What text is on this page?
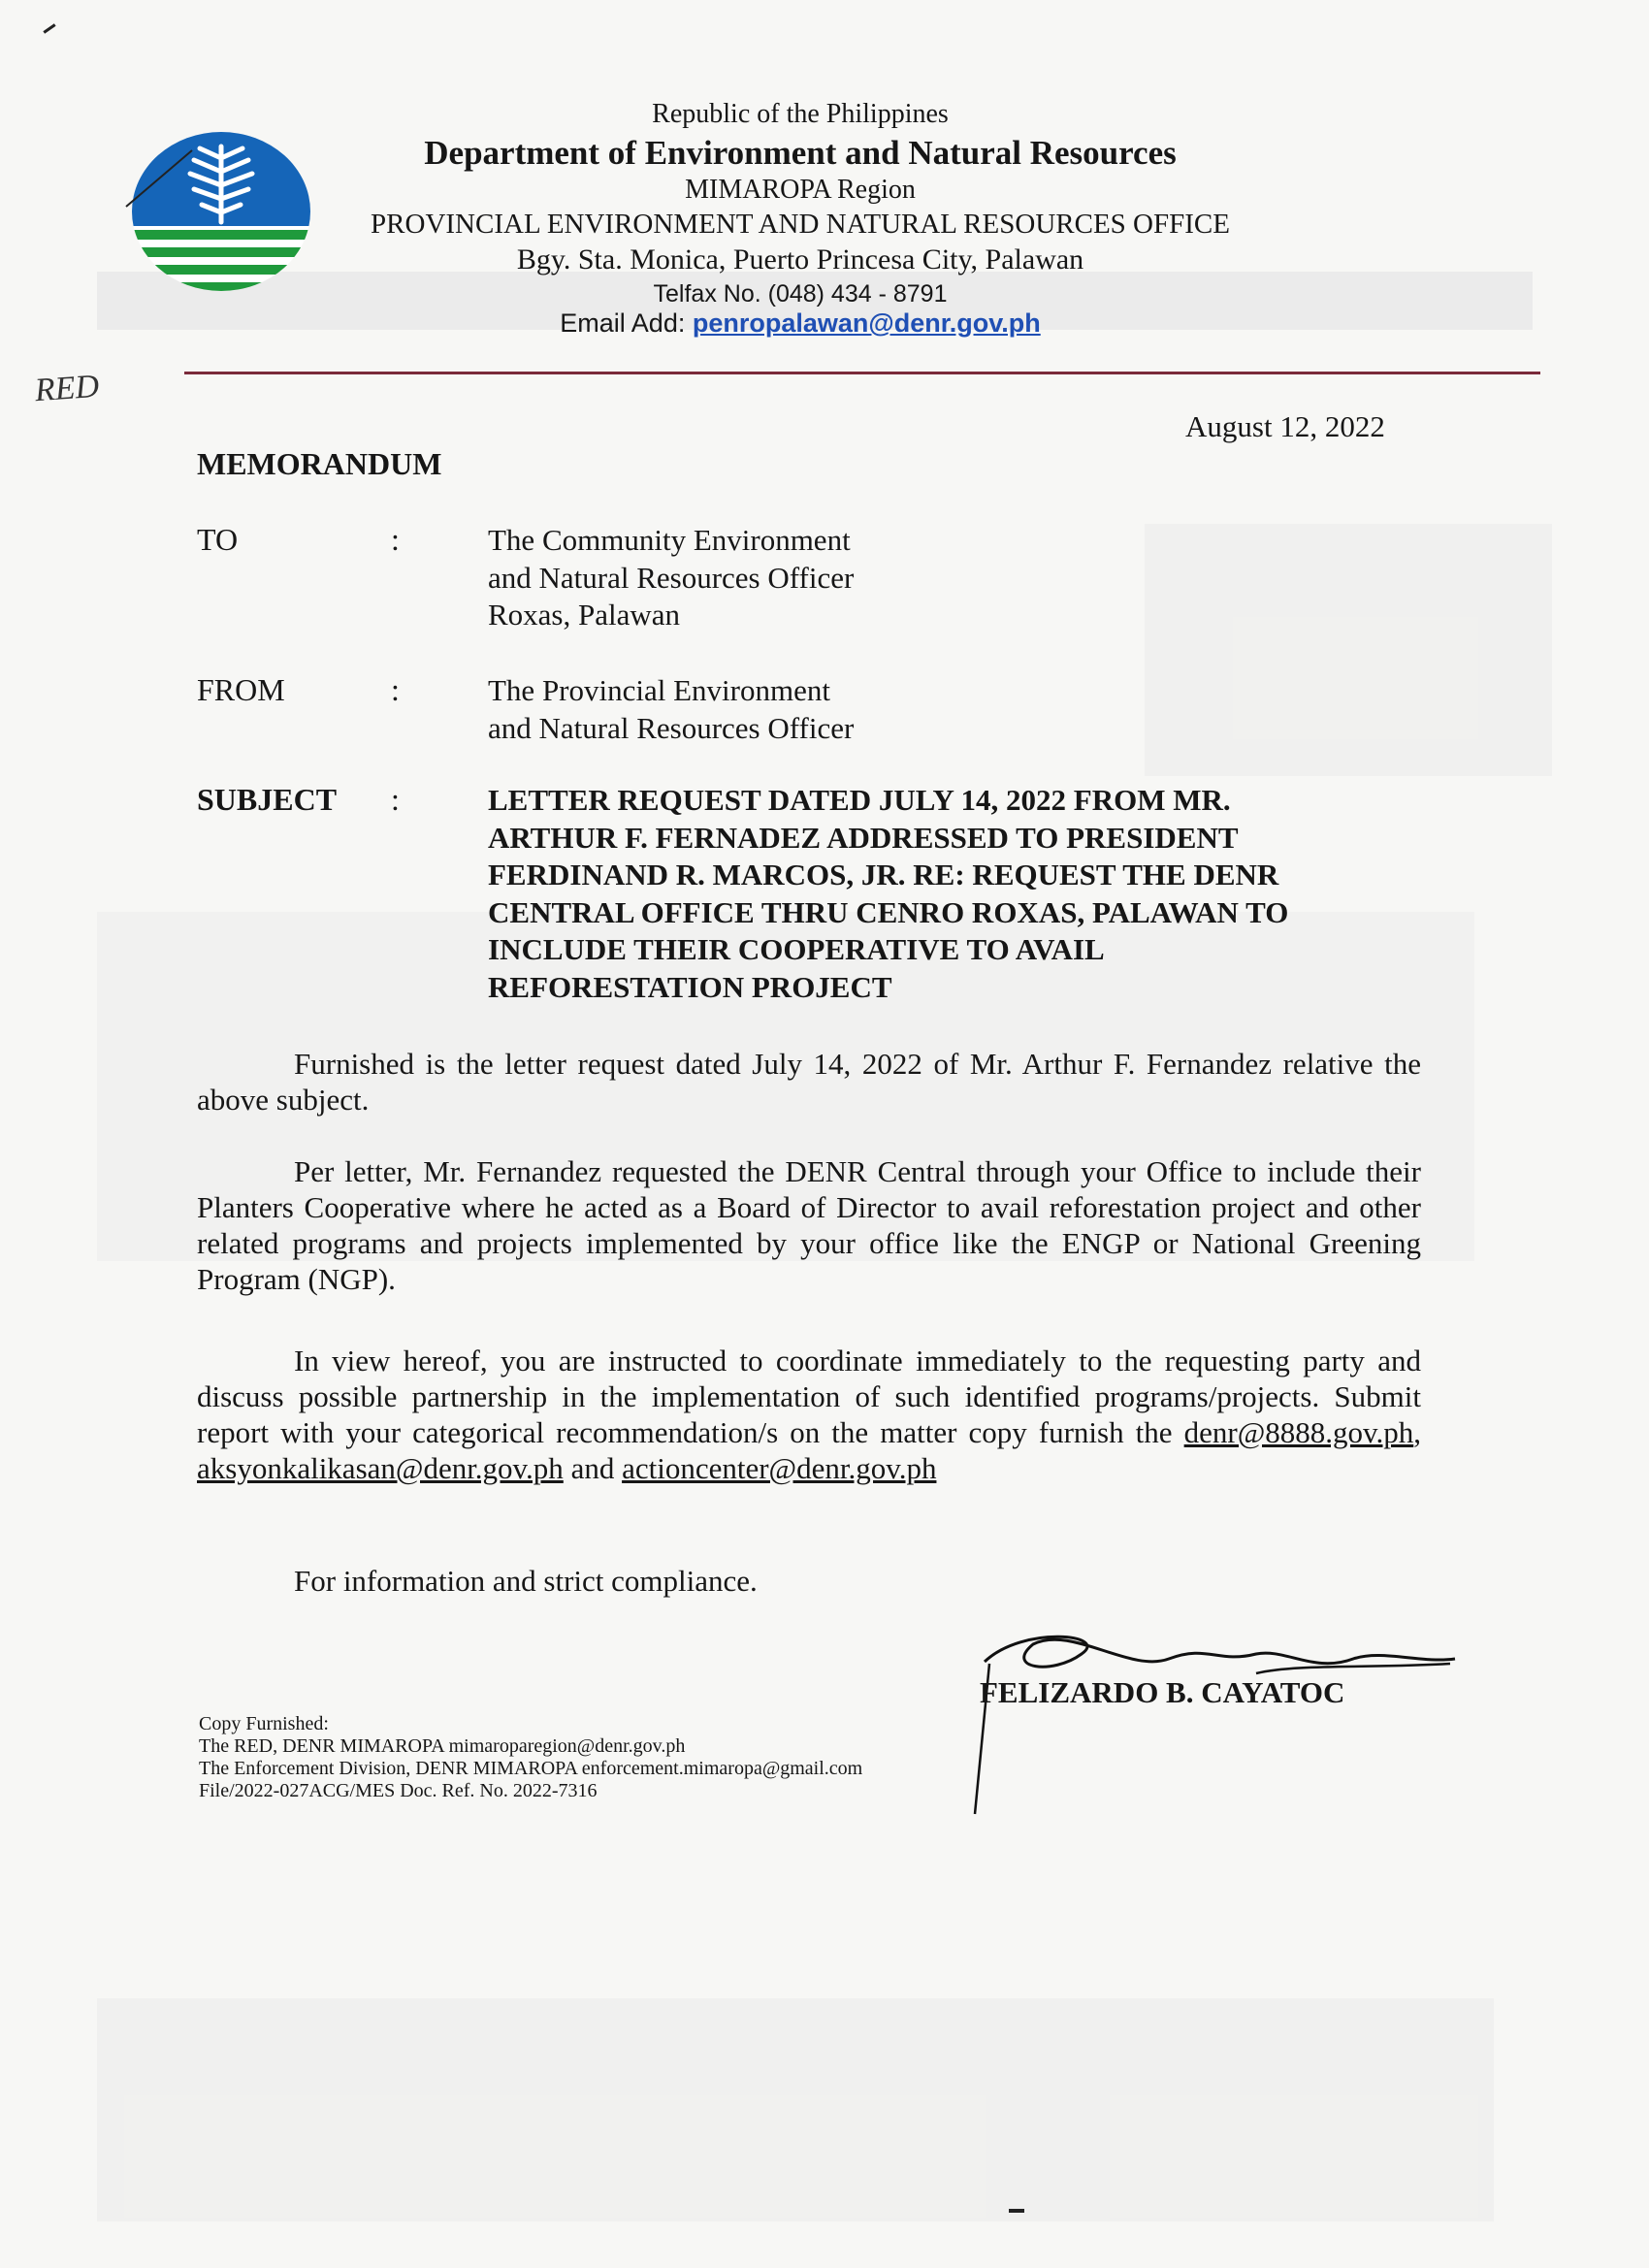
Republic of the Philippines
Department of Environment and Natural Resources
MIMAROPA Region
PROVINCIAL ENVIRONMENT AND NATURAL RESOURCES OFFICE
Bgy. Sta. Monica, Puerto Princesa City, Palawan
Telfax No. (048) 434 - 8791
Email Add: penropalawan@denr.gov.ph
RED
August 12, 2022
MEMORANDUM
TO	:	The Community Environment
and Natural Resources Officer
Roxas, Palawan
FROM	:	The Provincial Environment
and Natural Resources Officer
SUBJECT :	LETTER REQUEST DATED JULY 14, 2022 FROM MR.
ARTHUR F. FERNADEZ ADDRESSED TO PRESIDENT
FERDINAND R. MARCOS, JR. RE: REQUEST THE DENR
CENTRAL OFFICE THRU CENRO ROXAS, PALAWAN TO
INCLUDE THEIR COOPERATIVE TO AVAIL
REFORESTATION PROJECT
Furnished is the letter request dated July 14, 2022 of Mr. Arthur F. Fernandez relative the above subject.
Per letter, Mr. Fernandez requested the DENR Central through your Office to include their Planters Cooperative where he acted as a Board of Director to avail reforestation project and other related programs and projects implemented by your office like the ENGP or National Greening Program (NGP).
In view hereof, you are instructed to coordinate immediately to the requesting party and discuss possible partnership in the implementation of such identified programs/projects. Submit report with your categorical recommendation/s on the matter copy furnish the denr@8888.gov.ph, aksyonkalikasan@denr.gov.ph and actioncenter@denr.gov.ph
For information and strict compliance.
FELIZARDO B. CAYATOC
Copy Furnished:
The RED, DENR MIMAROPA mimaroparegion@denr.gov.ph
The Enforcement Division, DENR MIMAROPA enforcement.mimaropa@gmail.com
File/2022-027ACG/MES Doc. Ref. No. 2022-7316
